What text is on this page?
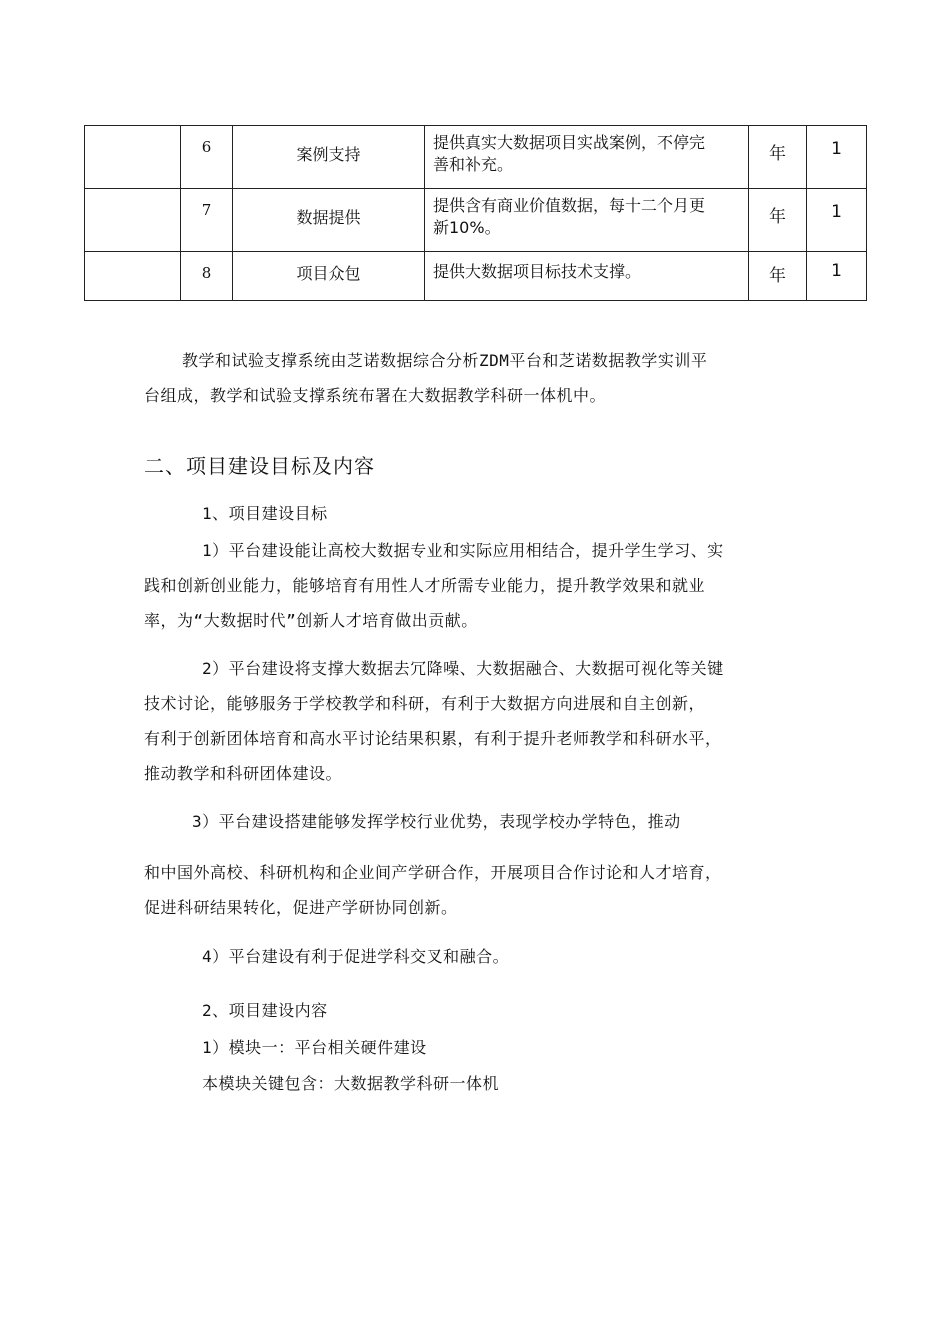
	6	案例支持	提供真实大数据项目实战案例，不停完
善和补充。	年	1
	7	数据提供	提供含有商业价值数据，每十二个月更
新10%。	年	1
	8	项目众包	提供大数据项目标技术支撑。	年	1
教学和试验支撑系统由芝诺数据综合分析ZDM平台和芝诺数据教学实训平
台组成，教学和试验支撑系统布署在大数据教学科研一体机中。
二、项目建设目标及内容
1、项目建设目标
1）平台建设能让高校大数据专业和实际应用相结合，提升学生学习、实
践和创新创业能力，能够培育有用性人才所需专业能力，提升教学效果和就业
率，为“大数据时代”创新人才培育做出贡献。
2）平台建设将支撑大数据去冗降噪、大数据融合、大数据可视化等关键
技术讨论，能够服务于学校教学和科研，有利于大数据方向进展和自主创新，
有利于创新团体培育和高水平讨论结果积累，有利于提升老师教学和科研水平，
推动教学和科研团体建设。
3）平台建设搭建能够发挥学校行业优势，表现学校办学特色，推动
和中国外高校、科研机构和企业间产学研合作，开展项目合作讨论和人才培育，
促进科研结果转化，促进产学研协同创新。
4）平台建设有利于促进学科交叉和融合。
2、项目建设内容
1）模块一：平台相关硬件建设
本模块关键包含：大数据教学科研一体机
